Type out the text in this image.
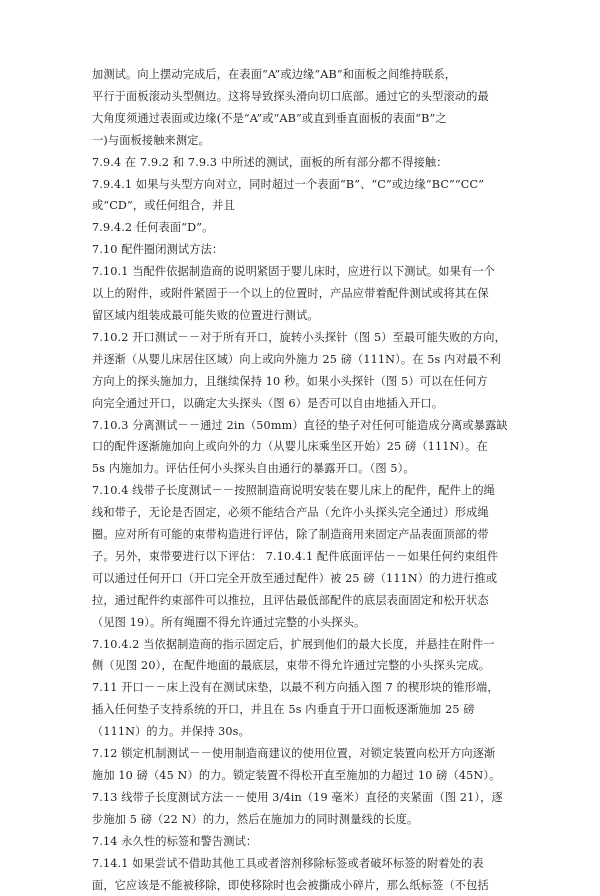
加测试。向上摆动完成后，在表面“A”或边缘“AB”和面板之间维持联系，
平行于面板滚动头型侧边。这将导致探头滑向切口底部。通过它的头型滚动的最
大角度须通过表面或边缘(不是“A”或“AB”或直到垂直面板的表面“B”之
一)与面板接触来测定。
7.9.4 在 7.9.2 和 7.9.3 中所述的测试，面板的所有部分都不得接触：
7.9.4.1 如果与头型方向对立，同时超过一个表面“B”、“C”或边缘“BC”“CC”
或“CD”，或任何组合，并且
7.9.4.2 任何表面“D”。
7.10 配件圈闭测试方法：
7.10.1 当配件依据制造商的说明紧固于婴儿床时，应进行以下测试。如果有一个
以上的附件，或附件紧固于一个以上的位置时，产品应带着配件测试或将其在保
留区域内组装成最可能失败的位置进行测试。
7.10.2 开口测试－－对于所有开口，旋转小头探针（图 5）至最可能失败的方向，
并逐渐（从婴儿床居住区域）向上或向外施力 25 磅（111N）。在 5s 内对最不利
方向上的探头施加力，且继续保持 10 秒。如果小头探针（图 5）可以在任何方
向完全通过开口，以确定大头探头（图 6）是否可以自由地插入开口。
7.10.3 分离测试－－通过 2in（50mm）直径的垫子对任何可能造成分离或暴露缺
口的配件逐渐施加向上或向外的力（从婴儿床乘坐区开始）25 磅（111N）。在
5s 内施加力。评估任何小头探头自由通行的暴露开口。（图 5）。
7.10.4 线带子长度测试－－按照制造商说明安装在婴儿床上的配件，配件上的绳
线和带子，无论是否固定，必须不能结合产品（允许小头探头完全通过）形成绳
圈。应对所有可能的束带构造进行评估，除了制造商用来固定产品表面顶部的带
子。另外，束带要进行以下评估： 7.10.4.1 配件底面评估－－如果任何约束组件
可以通过任何开口（开口完全开放至通过配件）被 25 磅（111N）的力进行推或
拉，通过配件约束部件可以推拉，且评估最低部配件的底层表面固定和松开状态
（见图 19）。所有绳圈不得允许通过完整的小头探头。
7.10.4.2 当依据制造商的指示固定后，扩展到他们的最大长度，并悬挂在附件一
侧（见图 20），在配件地面的最底层，束带不得允许通过完整的小头探头完成。
7.11 开口－－床上没有在测试床垫，以最不利方向插入图 7 的楔形块的锥形端，
插入任何垫子支持系统的开口，并且在 5s 内垂直于开口面板逐渐施加 25 磅
（111N）的力。并保持 30s。
7.12 锁定机制测试－－使用制造商建议的使用位置，对锁定装置向松开方向逐渐
施加 10 磅（45 N）的力。锁定装置不得松开直至施加的力超过 10 磅（45N）。
7.13 线带子长度测试方法－－使用 3/4in（19 毫米）直径的夹紧面（图 21），逐
步施加 5 磅（22 N）的力，然后在施加力的同时测量线的长度。
7.14 永久性的标签和警告测试：
7.14.1 如果尝试不借助其他工具或者溶剂移除标签或者破坏标签的附着处的表
面，它应该是不能被移除，即使移除时也会被撕成小碎片，那么纸标签（不包括
